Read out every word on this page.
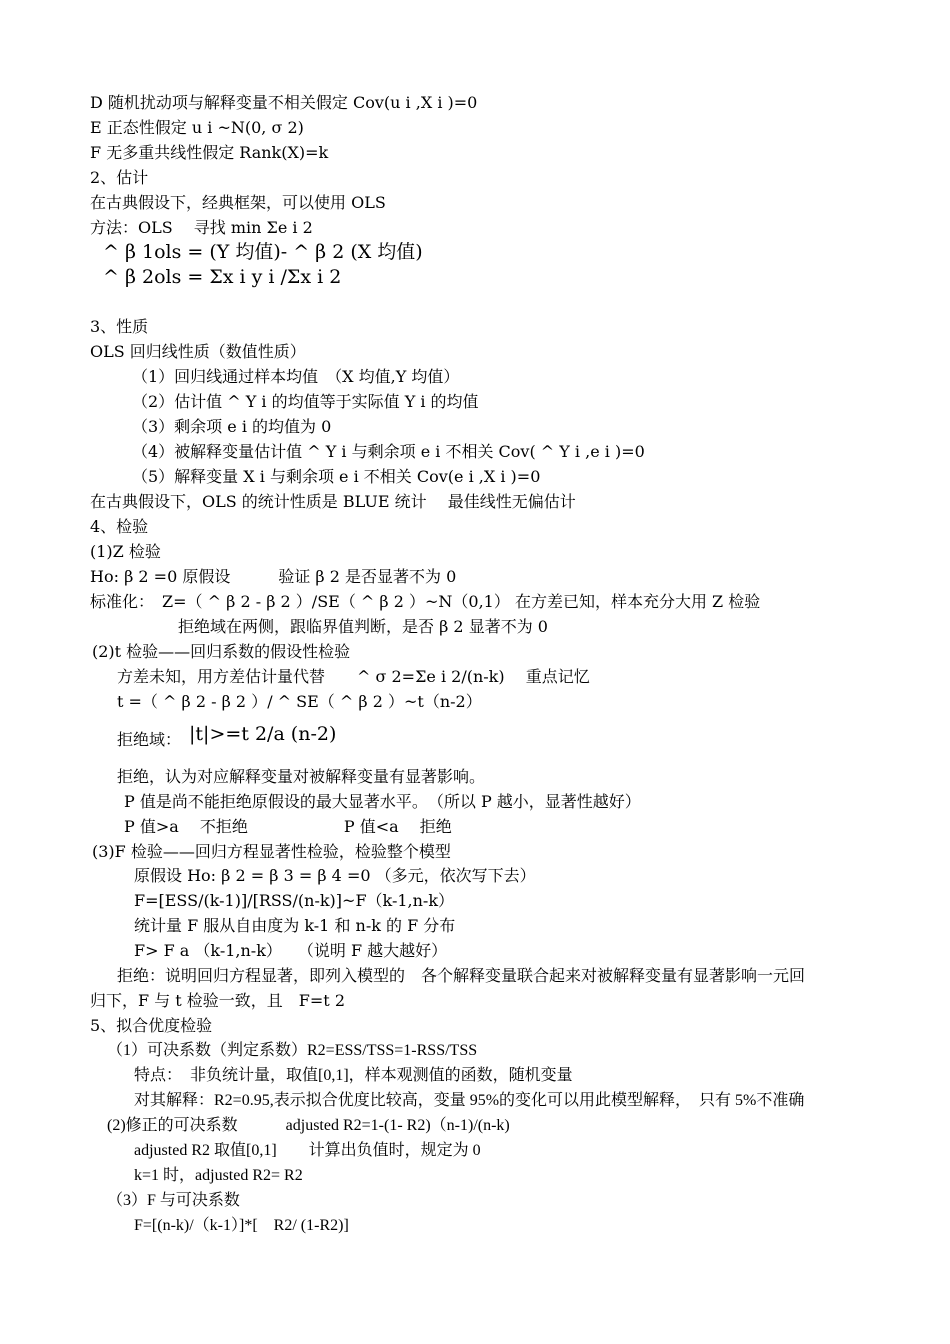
D 随机扰动项与解释变量不相关假定 Cov(u i ,X i )=0
E 正态性假定 u i ~N(0, σ 2)
F 无多重共线性假定 Rank(X)=k
2、估计
在古典假设下，经典框架，可以使用 OLS
方法：OLS　 寻找 min Σe i 2
^ β 1ols = (Y 均值)- ^ β 2 (X 均值)
^ β 2ols = Σx i y i /Σx i 2
3、性质
OLS 回归线性质（数值性质）
（1）回归线通过样本均值　（X 均值,Y 均值）
（2）估计值 ^ Y i 的均值等于实际值 Y i 的均值
（3）剩余项 e i 的均值为 0
（4）被解释变量估计值 ^ Y i 与剩余项 e i 不相关 Cov( ^ Y i ,e i )=0
（5）解释变量 X i 与剩余项 e i 不相关 Cov(e i ,X i )=0
在古典假设下，OLS 的统计性质是 BLUE 统计　 最佳线性无偏估计
4、检验
(1)Z 检验
Ho: β 2 =0 原假设　　　验证 β 2 是否显著不为 0
标准化：　Z=（ ^ β 2 - β 2 ）/SE（ ^ β 2 ）~N（0,1） 在方差已知，样本充分大用 Z 检验
拒绝域在两侧，跟临界值判断，是否 β 2 显著不为 0
(2)t 检验——回归系数的假设性检验
方差未知，用方差估计量代替　　^ σ 2=Σe i 2/(n-k)　 重点记忆
t =（ ^ β 2 - β 2 ）/ ^ SE（ ^ β 2 ）~t（n-2）
拒绝域： |t|>=t 2/a (n-2)
拒绝，认为对应解释变量对被解释变量有显著影响。
P 值是尚不能拒绝原假设的最大显著水平。　（所以 P 越小，显著性越好）
P 值>a　 不拒绝　　　　　　P 值<a　 拒绝
(3)F 检验——回归方程显著性检验，检验整个模型
原假设 Ho: β 2 = β 3 = β 4 =0 （多元，依次写下去）
F=[ESS/(k-1)]/[RSS/(n-k)]~F（k-1,n-k）
统计量 F 服从自由度为 k-1 和 n-k 的 F 分布
F> F a （k-1,n-k）　　（说明 F 越大越好）
拒绝：说明回归方程显著，即列入模型的　各个解释变量联合起来对被解释变量有显著影响一元回
归下，F 与 t 检验一致，且　F=t 2
5、拟合优度检验
（1）可决系数（判定系数）R2=ESS/TSS=1-RSS/TSS
特点：　非负统计量，取值[0,1]，样本观测值的函数，随机变量
对其解释：R2=0.95,表示拟合优度比较高，变量 95%的变化可以用此模型解释，　只有 5%不准确
(2)修正的可决系数　　　adjusted R2=1-(1- R2)（n-1)/(n-k)
adjusted R2 取值[0,1]　　计算出负值时，规定为 0
k=1 时，adjusted R2= R2
（3）F 与可决系数
F=[(n-k)/（k-1）]*[　R2/ (1-R2)]
